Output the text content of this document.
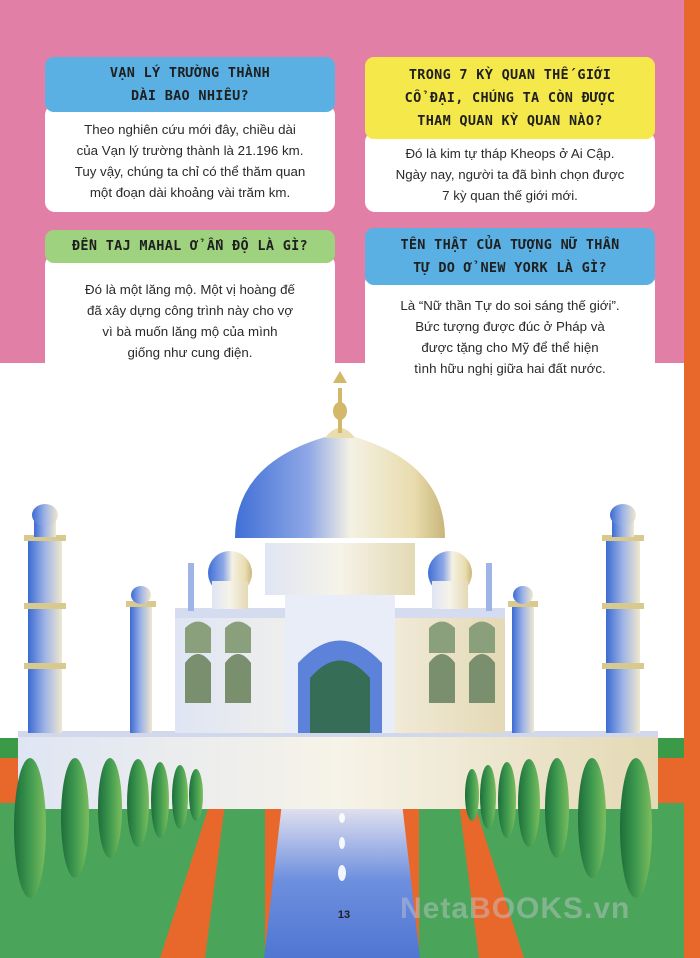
Theo nghiên cứu mới đây, chiều dài
của Vạn lý trường thành là 21.196 km.
Tuy vậy, chúng ta chỉ có thể thăm quan
một đoạn dài khoảng vài trăm km.
VẠN LÝ TRƯỜNG THÀNH
DÀI BAO NHIÊU?
Đó là kim tự tháp Kheops ở Ai Cập.
Ngày nay, người ta đã bình chọn được
7 kỳ quan thế giới mới.
TRONG 7 KỲ QUAN THẾ GIỚI
CỔ ĐẠI, CHÚNG TA CÒN ĐƯỢC
THAM QUAN KỲ QUAN NÀO?
Đó là một lăng mộ. Một vị hoàng đế
đã xây dựng công trình này cho vợ
vì bà muốn lăng mộ của mình
giống như cung điện.
ĐỀN TAJ MAHAL Ở ẤN ĐỘ LÀ GÌ?
Là “Nữ thần Tự do soi sáng thế giới”.
Bức tượng được đúc ở Pháp và
được tặng cho Mỹ để thể hiện
tình hữu nghị giữa hai đất nước.
TÊN THẬT CỦA TƯỢNG NỮ THẦN
TỰ DO Ở NEW YORK LÀ GÌ?
NetaBOOKS.vn
13
